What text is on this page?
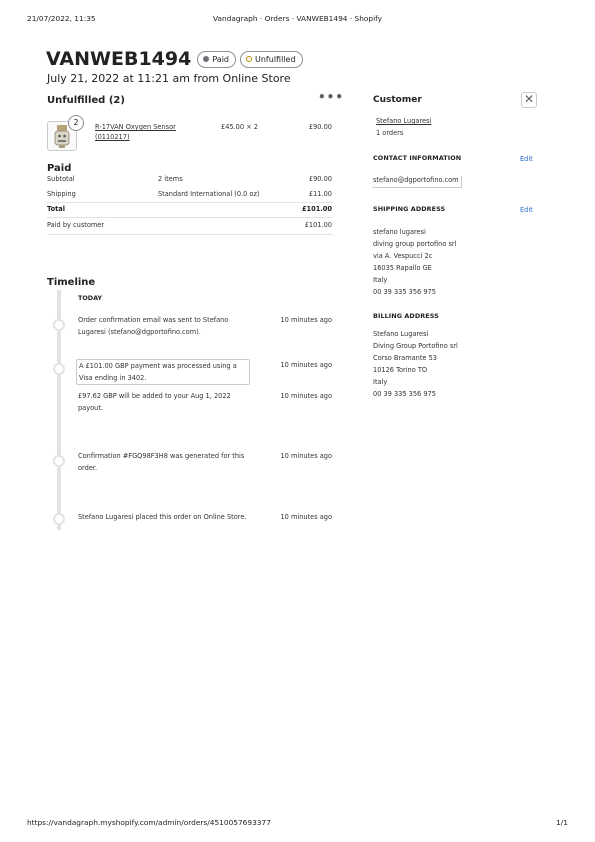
21/07/2022, 11:35	Vandagraph · Orders · VANWEB1494 · Shopify
VANWEB1494	Paid	Unfulfilled
July 21, 2022 at 11:21 am from Online Store
Unfulfilled (2)	•••
2	R-17VAN Oxygen Sensor
(0110217)
£45.00 × 2	£90.00
Paid
Subtotal	2 items	£90.00
Shipping	Standard International (0.0 oz)	£11.00
Total	£101.00
Paid by customer	£101.00
Timeline
TODAY
Order confirmation email was sent to Stefano Lugaresi (stefano@dgportofino.com).
10 minutes ago
A £101.00 GBP payment was processed using a Visa ending in 3402.
10 minutes ago
£97.62 GBP will be added to your Aug 1, 2022 payout.
10 minutes ago
Confirmation #FGQ98F3H8 was generated for this order.
10 minutes ago
Stefano Lugaresi placed this order on Online Store.	10 minutes ago
Customer	✕
Stefano Lugaresi
1 orders
CONTACT INFORMATION	Edit
stefano@dgportofino.com
SHIPPING ADDRESS	Edit
stefano lugaresi
diving group portofino srl
via A. Vespucci 2c
16035 Rapallo GE
Italy
00 39 335 356 975
BILLING ADDRESS
Stefano Lugaresi
Diving Group Portofino srl
Corso Bramante 53
10126 Torino TO
Italy
00 39 335 356 975
https://vandagraph.myshopify.com/admin/orders/4510057693377	1/1
